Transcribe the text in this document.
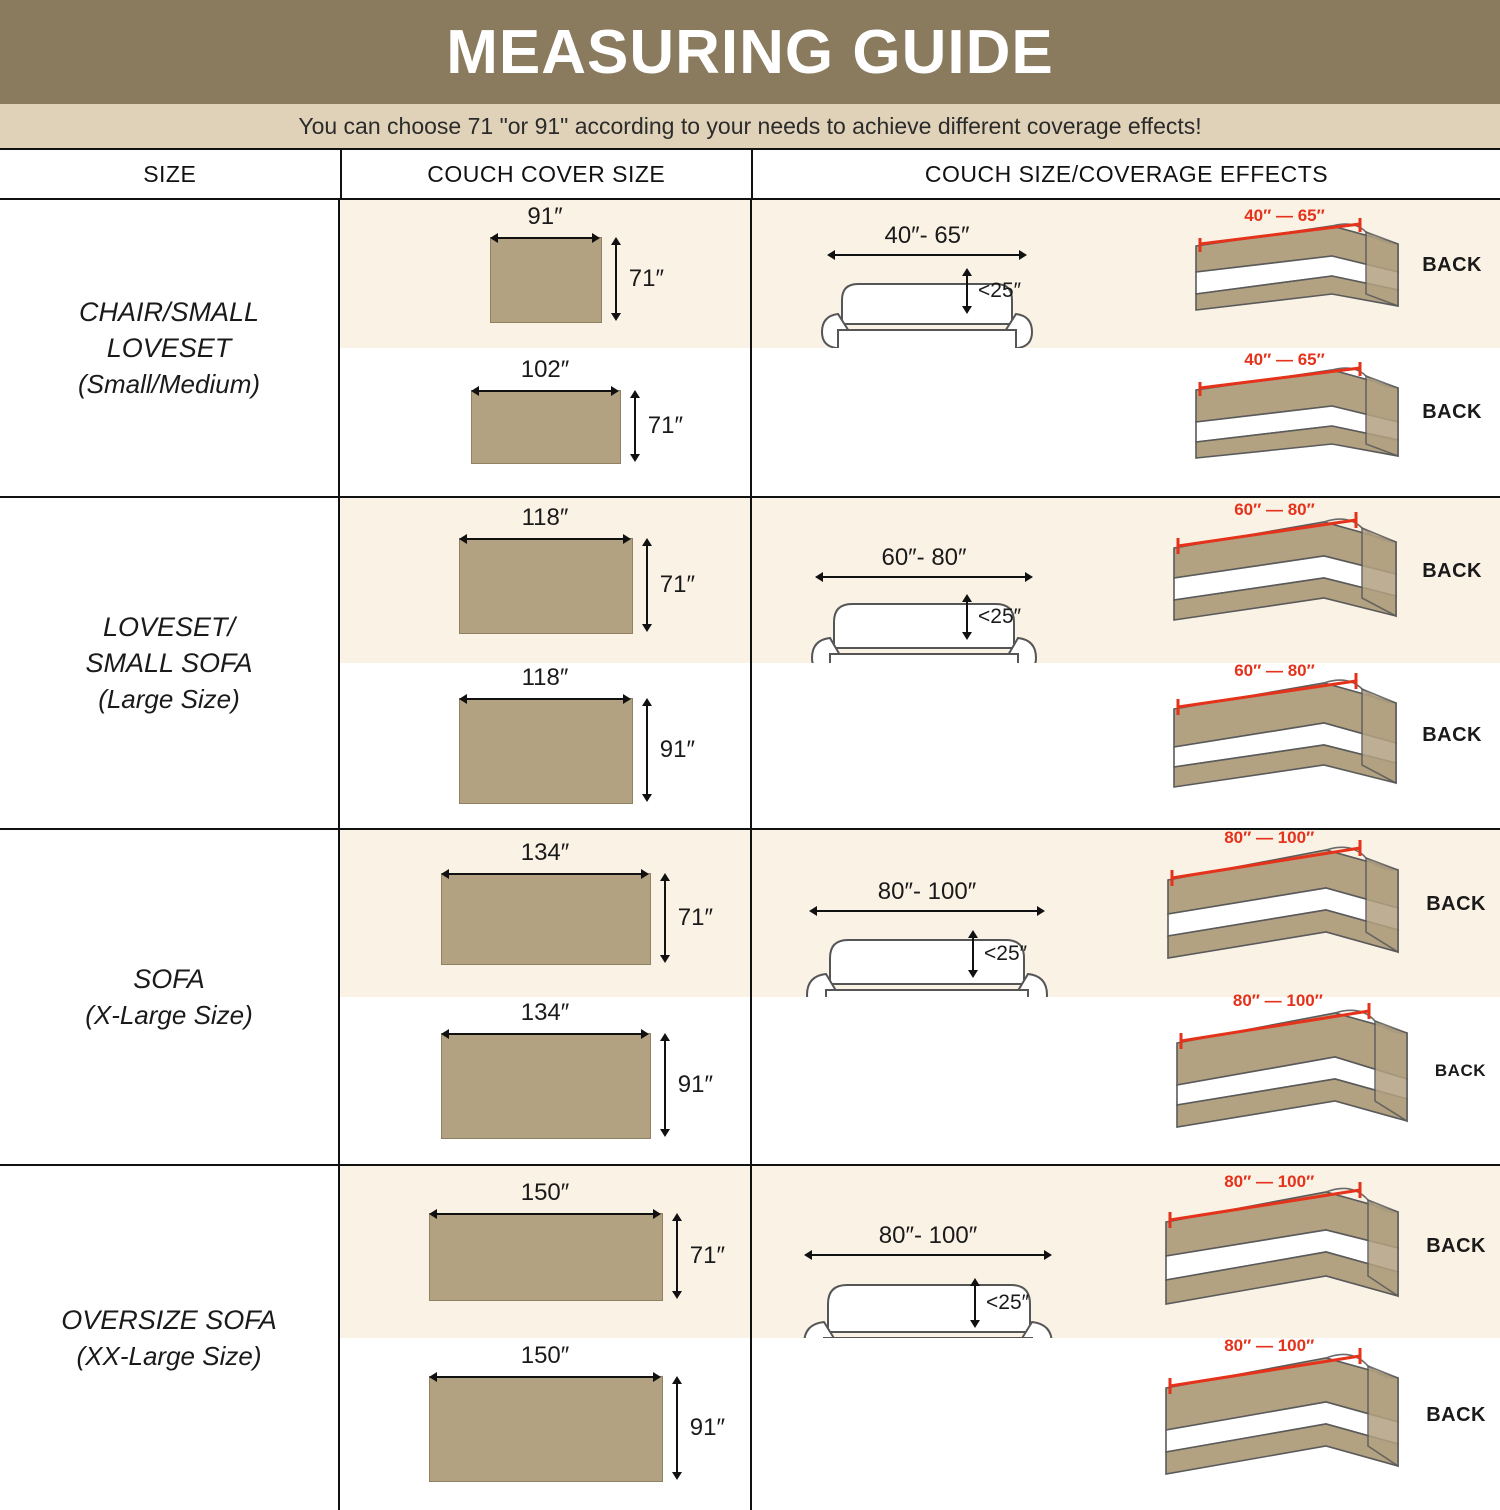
MEASURING GUIDE
You can choose 71 "or 91" according to your needs to achieve different coverage effects!
SIZE	COUCH COVER SIZE	COUCH SIZE/COVERAGE EFFECTS
CHAIR/SMALL
LOVESET
(Small/Medium)
91″
71″
102″
71″
40″- 65″
<25″
40″ — 65″
BACK
40″ — 65″
BACK
LOVESET/
SMALL SOFA
(Large Size)
118″
71″
118″
91″
60″- 80″
<25″
60″ — 80″
BACK
60″ — 80″
BACK
SOFA
(X-Large Size)
134″
71″
134″
91″
80″- 100″
<25″
80″ — 100″
BACK
80″ — 100″
BACK
OVERSIZE SOFA
(XX-Large Size)
150″
71″
150″
91″
80″- 100″
<25″
80″ — 100″
BACK
80″ — 100″
BACK
